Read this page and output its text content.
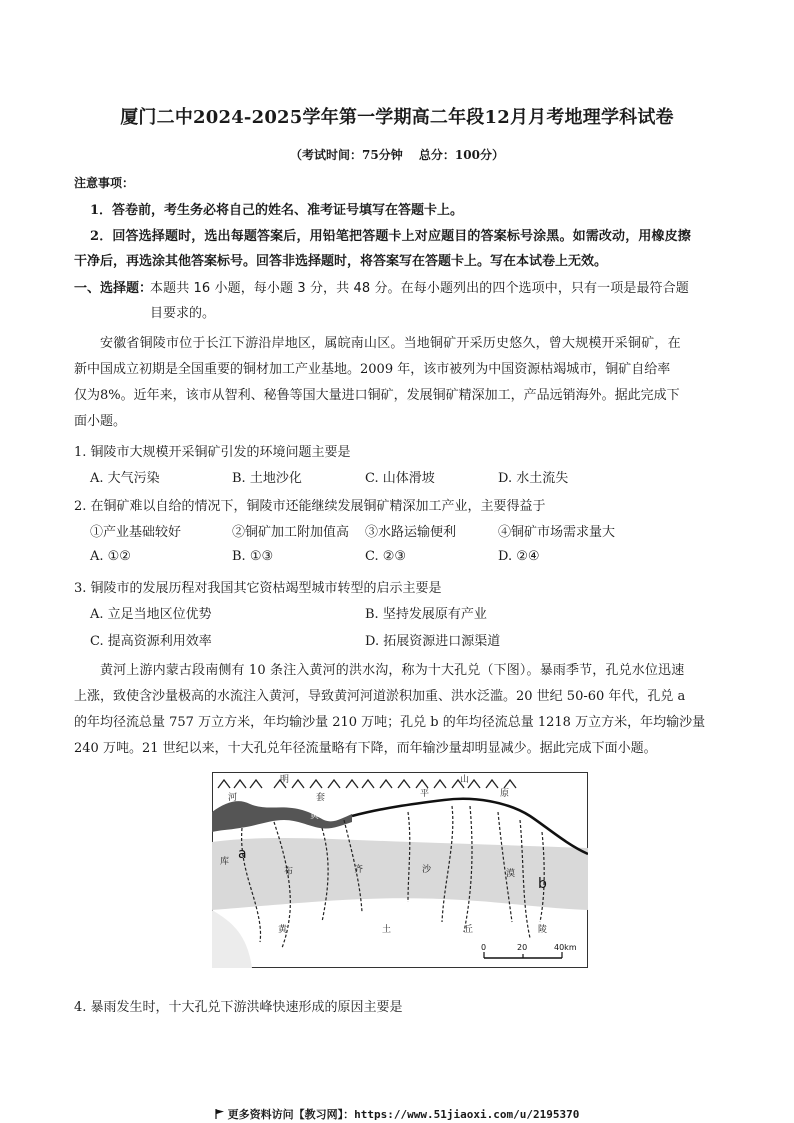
厦门二中2024-2025学年第一学期高二年段12月月考地理学科试卷
（考试时间：75分钟　 总分：100分）
注意事项：
1．答卷前，考生务必将自己的姓名、准考证号填写在答题卡上。
2．回答选择题时，选出每题答案后，用铅笔把答题卡上对应题目的答案标号涂黑。如需改动，用橡皮擦
干净后，再选涂其他答案标号。回答非选择题时，将答案写在答题卡上。写在本试卷上无效。
一、选择题：
本题共 16 小题，每小题 3 分，共 48 分。在每小题列出的四个选项中，只有一项是最符合题
目要求的。
安徽省铜陵市位于长江下游沿岸地区，属皖南山区。当地铜矿开采历史悠久，曾大规模开采铜矿，在
新中国成立初期是全国重要的铜材加工产业基地。2009 年，该市被列为中国资源枯竭城市，铜矿自给率
仅为8%。近年来，该市从智利、秘鲁等国大量进口铜矿，发展铜矿精深加工，产品远销海外。据此完成下
面小题。
1. 铜陵市大规模开采铜矿引发的环境问题主要是
A. 大气污染	B. 土地沙化	C. 山体滑坡	D. 水土流失
2. 在铜矿难以自给的情况下，铜陵市还能继续发展铜矿精深加工产业，主要得益于
①产业基础较好	②铜矿加工附加值高 ③水路运输便利	④铜矿市场需求量大
A. ①②	B. ①③	C. ②③	D. ②④
3. 铜陵市的发展历程对我国其它资枯竭型城市转型的启示主要是
A. 立足当地区位优势	B. 坚持发展原有产业
C. 提高资源利用效率	D. 拓展资源进口源渠道
黄河上游内蒙古段南侧有 10 条注入黄河的洪水沟，称为十大孔兑（下图）。暴雨季节，孔兑水位迅速
上涨，致使含沙量极高的水流注入黄河，导致黄河河道淤积加重、洪水泛滥。20 世纪 50-60 年代，孔兑 a
的年均径流总量 757 万立方米，年均输沙量 210 万吨；孔兑 b 的年均径流总量 1218 万立方米，年均输沙量
240 万吨。21 世纪以来，十大孔兑年径流量略有下降，而年输沙量却明显减少。据此完成下面小题。
明	山
河	套	平	原
黄
库
布	齐	沙	漠
黄	土	丘	陵
a
b
0	20	40km
4. 暴雨发生时，十大孔兑下游洪峰快速形成的原因主要是
更多资料访问【教习网】：https://www.51jiaoxi.com/u/2195370
